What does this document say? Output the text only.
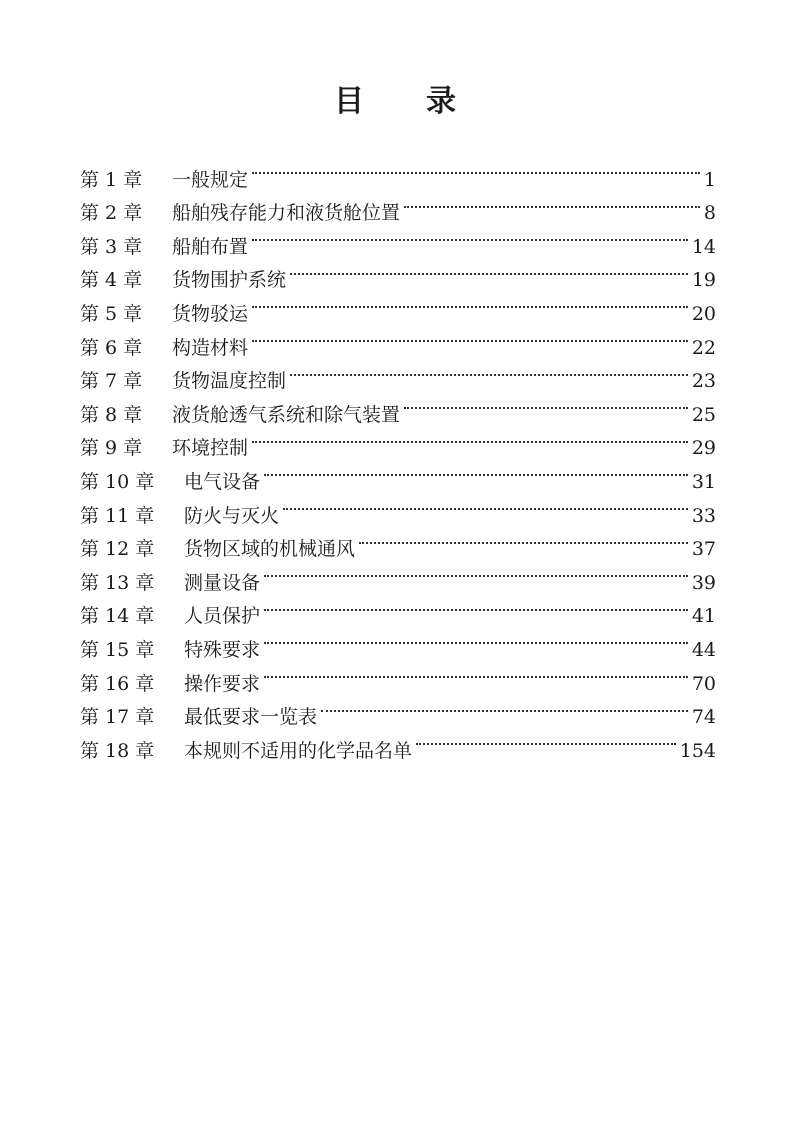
目 录
第 1 章	一般规定	1
第 2 章	船舶残存能力和液货舱位置	8
第 3 章	船舶布置	14
第 4 章	货物围护系统	19
第 5 章	货物驳运	20
第 6 章	构造材料	22
第 7 章	货物温度控制	23
第 8 章	液货舱透气系统和除气装置	25
第 9 章	环境控制	29
第 10 章	电气设备	31
第 11 章	防火与灭火	33
第 12 章	货物区域的机械通风	37
第 13 章	测量设备	39
第 14 章	人员保护	41
第 15 章	特殊要求	44
第 16 章	操作要求	70
第 17 章	最低要求一览表	74
第 18 章	本规则不适用的化学品名单	154
